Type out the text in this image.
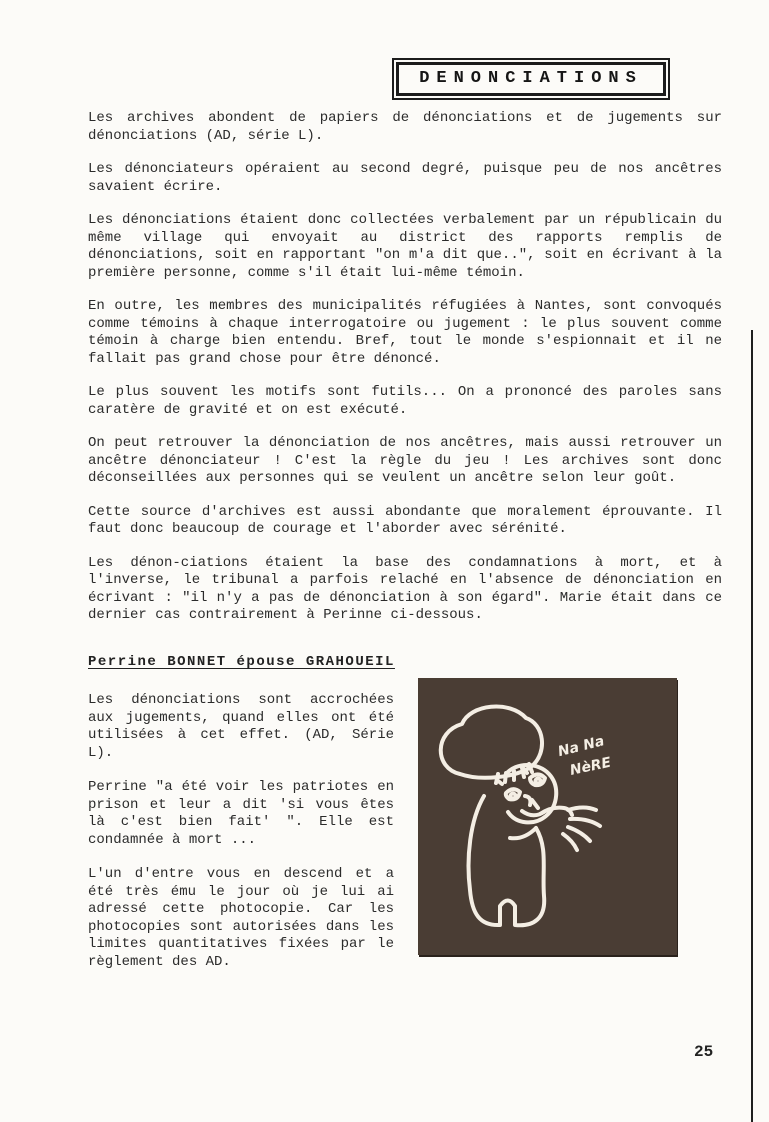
DENONCIATIONS

Les archives abondent de papiers de dénonciations et de jugements sur dénonciations (AD, série L).

Les dénonciateurs opéraient au second degré, puisque peu de nos ancêtres savaient écrire.

Les dénonciations étaient donc collectées verbalement par un républicain du même village qui envoyait au district des rapports remplis de dénonciations, soit en rapportant "on m'a dit que..", soit en écrivant à la première personne, comme s'il était lui-même témoin.

En outre, les membres des municipalités réfugiées à Nantes, sont convoqués comme témoins à chaque interrogatoire ou jugement : le plus souvent comme témoin à charge bien entendu. Bref, tout le monde s'espionnait et il ne fallait pas grand chose pour être dénoncé.

Le plus souvent les motifs sont futils... On a prononcé des paroles sans caratère de gravité et on est exécuté.

On peut retrouver la dénonciation de nos ancêtres, mais aussi retrouver un ancêtre dénonciateur ! C'est la règle du jeu ! Les archives sont donc déconseillées aux personnes qui se veulent un ancêtre selon leur goût.

Cette source d'archives est aussi abondante que moralement éprouvante. Il faut donc beaucoup de courage et l'aborder avec sérénité.

Les dénon-ciations étaient la base des condamnations à mort, et à l'inverse, le tribunal a parfois relaché en l'absence de dénonciation en écrivant : "il n'y a pas de dénonciation à son égard". Marie était dans ce dernier cas contrairement à Perinne ci-dessous.

Perrine BONNET épouse GRAHOUEIL

Les dénonciations sont accrochées aux jugements, quand elles ont été utilisées à cet effet. (AD, Série L).

Perrine "a été voir les patriotes en prison et leur a dit 'si vous êtes là c'est bien fait' ". Elle est condamnée à mort ...

L'un d'entre vous en descend et a été très ému le jour où je lui ai adressé cette photocopie. Car les photocopies sont autorisées dans les limites quantitatives fixées par le règlement des AD.

Na Na
NèRE
25
